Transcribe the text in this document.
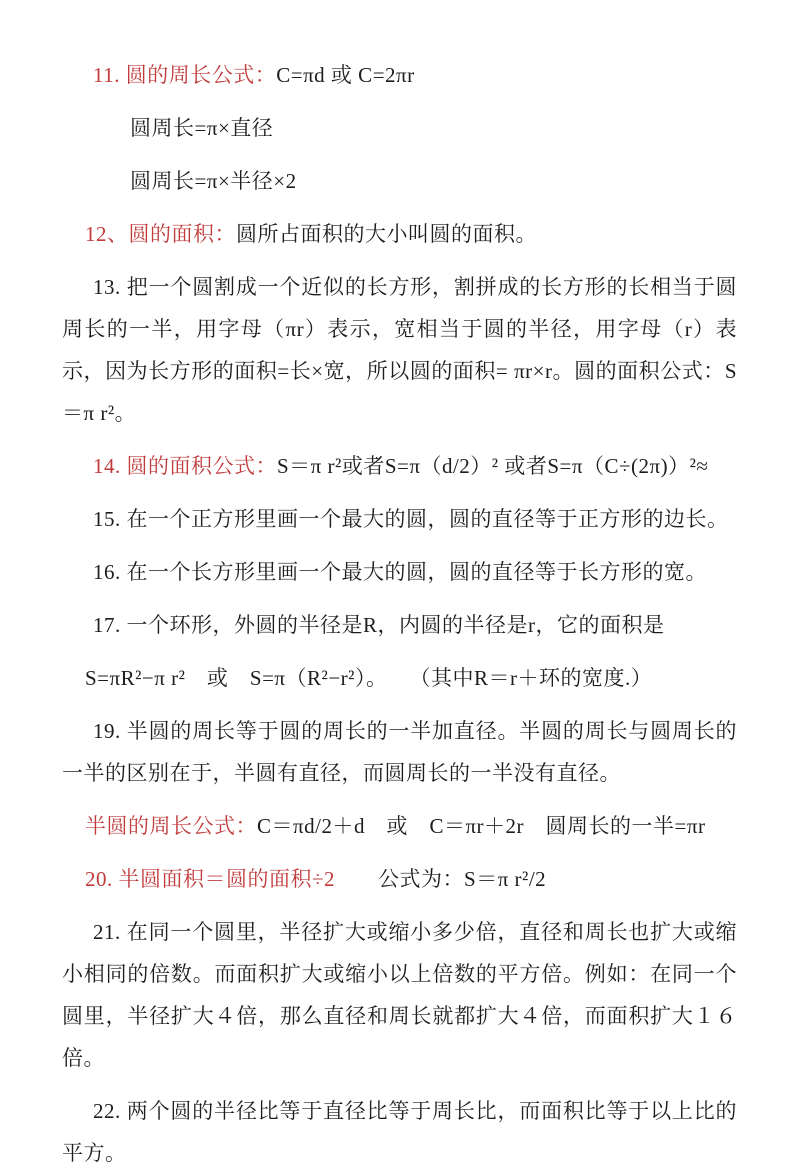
11. 圆的周长公式：C=πd 或 C=2πr

圆周长=π×直径

圆周长=π×半径×2

12、圆的面积：圆所占面积的大小叫圆的面积。

13. 把一个圆割成一个近似的长方形，割拼成的长方形的长相当于圆周长的一半，用字母（πr）表示，宽相当于圆的半径，用字母（r）表示，因为长方形的面积=长×宽，所以圆的面积= πr×r。圆的面积公式：S＝π r²。

14. 圆的面积公式：S＝π r²或者S=π（d/2）² 或者S=π（C÷(2π)）²≈

15. 在一个正方形里画一个最大的圆，圆的直径等于正方形的边长。

16. 在一个长方形里画一个最大的圆，圆的直径等于长方形的宽。

17. 一个环形，外圆的半径是R，内圆的半径是r，它的面积是

S=πR²−π r²　或　S=π（R²−r²）。　　（其中R＝r＋环的宽度.）

19. 半圆的周长等于圆的周长的一半加直径。半圆的周长与圆周长的一半的区别在于，半圆有直径，而圆周长的一半没有直径。

半圆的周长公式：C＝πd/2＋d　或　C＝πr＋2r　圆周长的一半=πr

20. 半圆面积＝圆的面积÷2　　公式为：S＝π r²/2

21. 在同一个圆里，半径扩大或缩小多少倍，直径和周长也扩大或缩小相同的倍数。而面积扩大或缩小以上倍数的平方倍。例如：在同一个圆里，半径扩大４倍，那么直径和周长就都扩大４倍，而面积扩大１６倍。

22. 两个圆的半径比等于直径比等于周长比，而面积比等于以上比的平方。
